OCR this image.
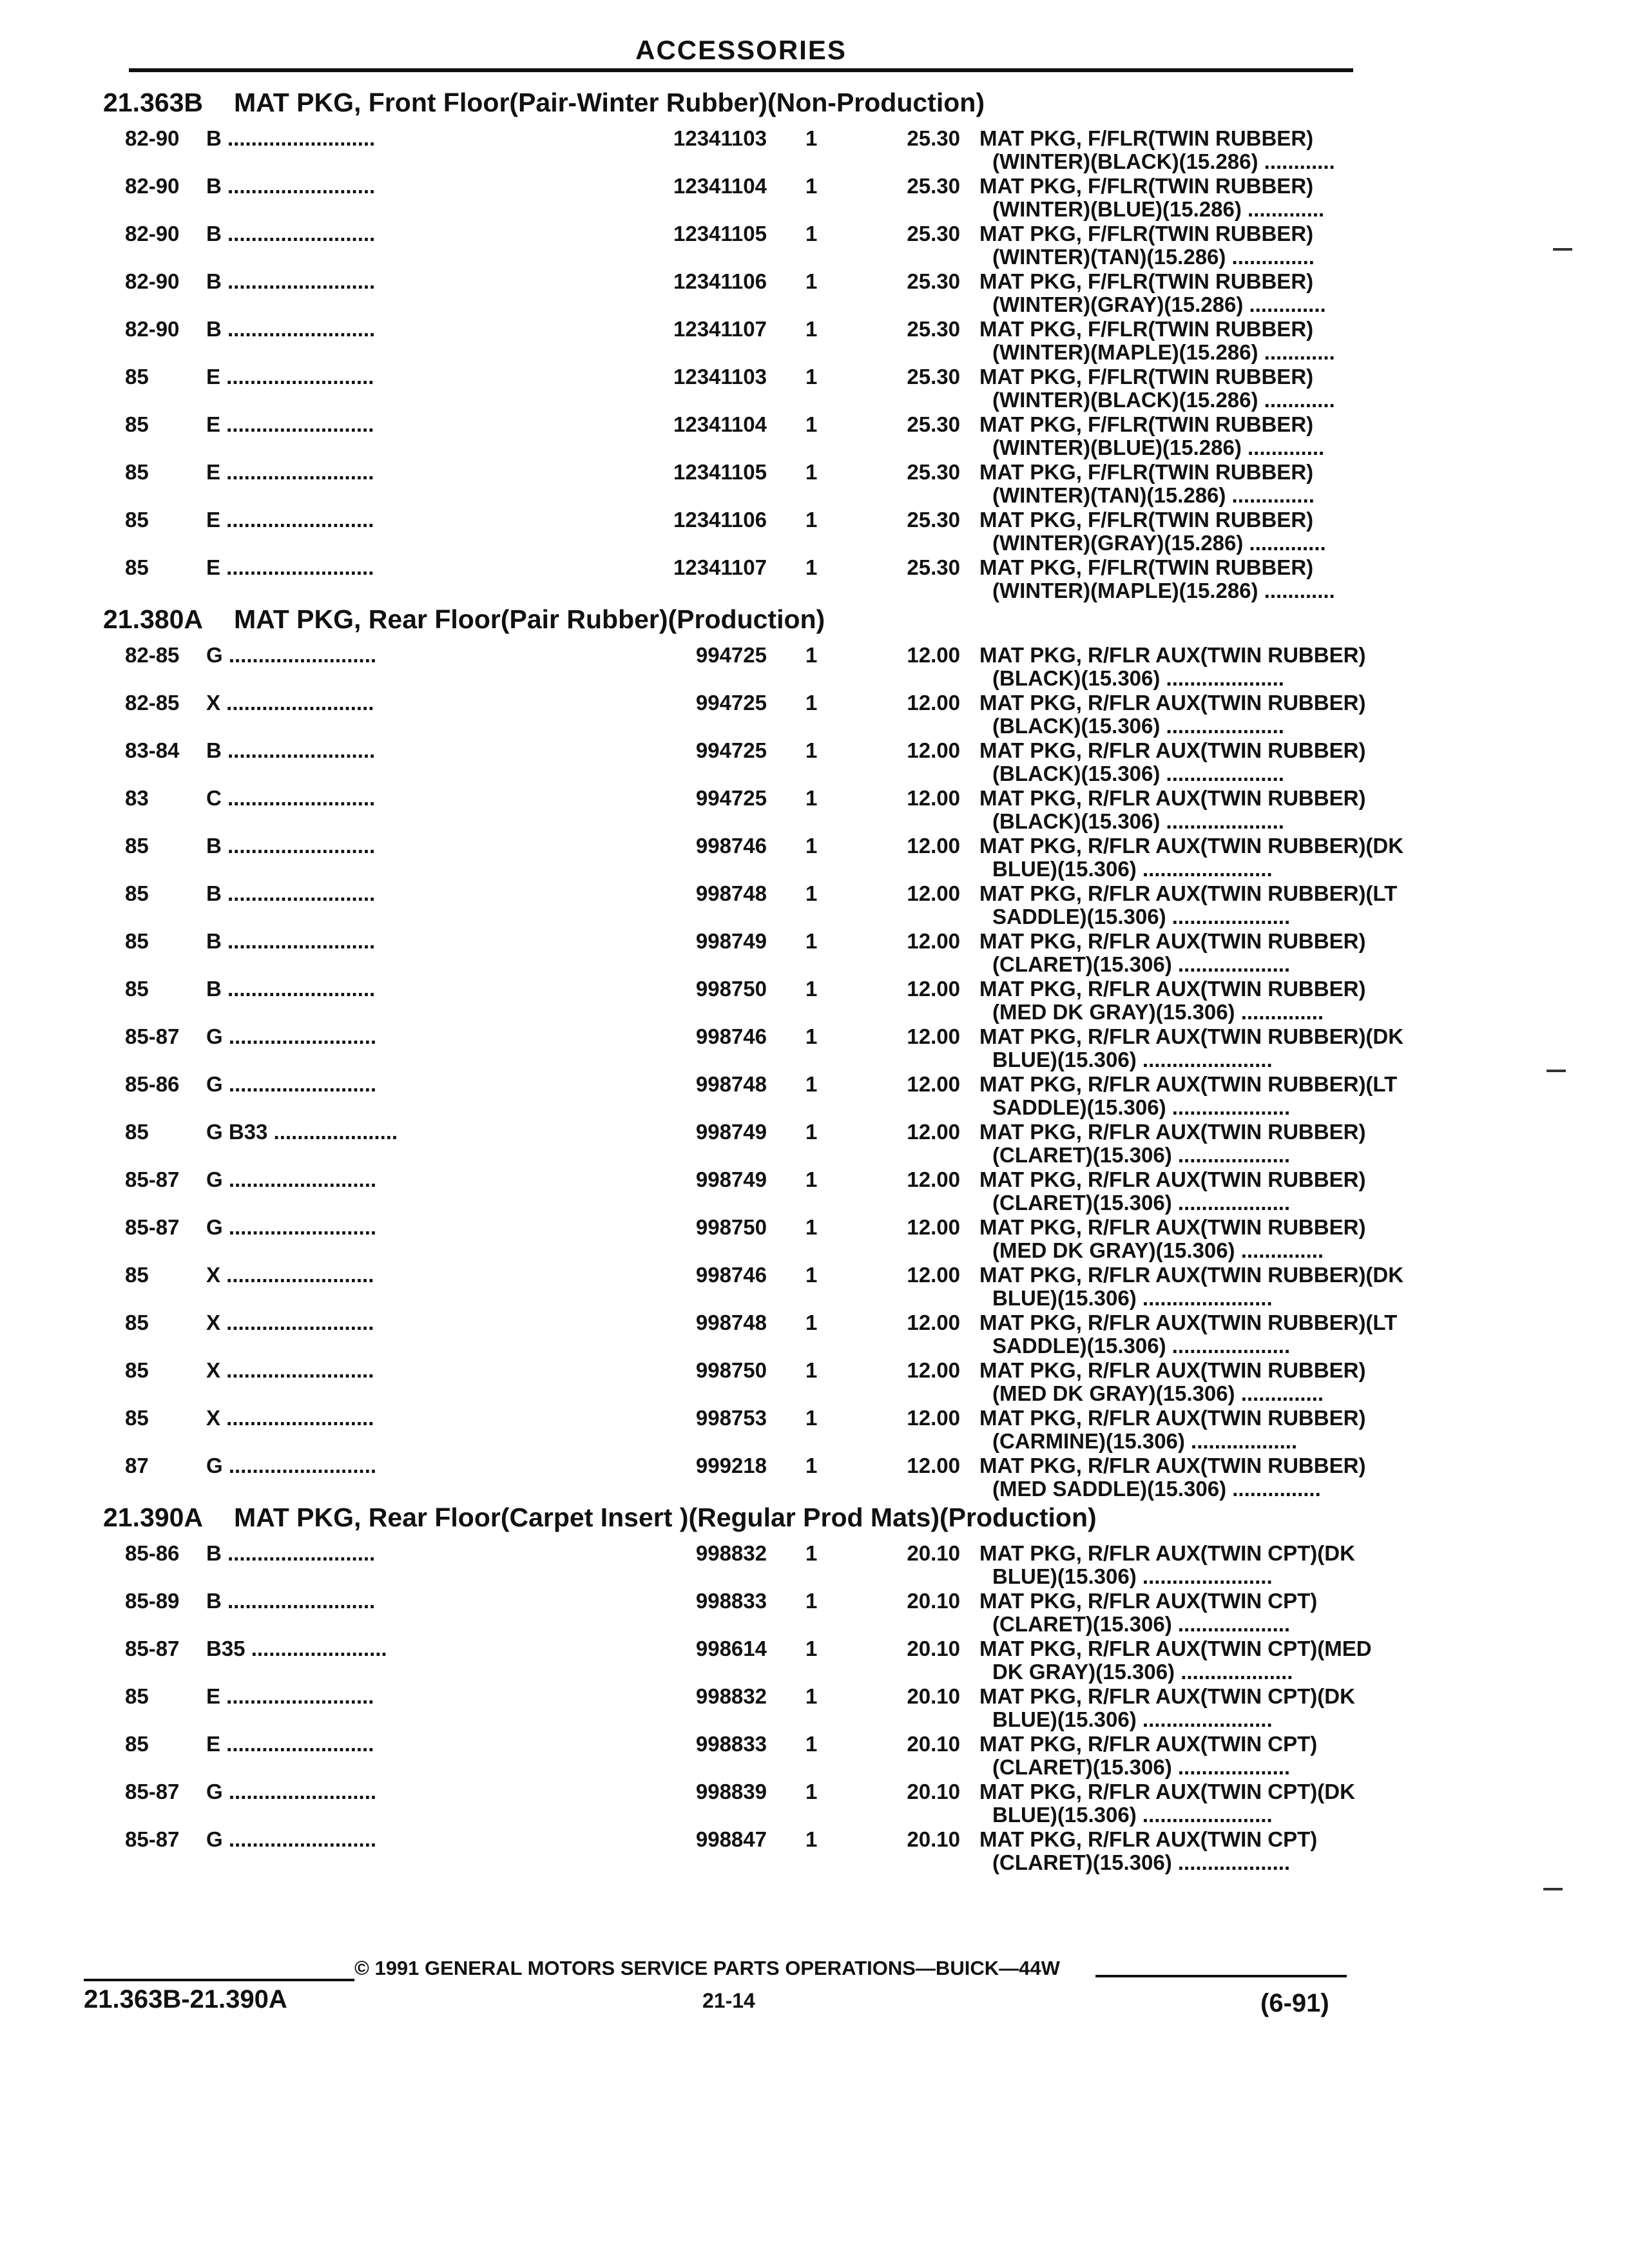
ACCESSORIES
21.363B MAT PKG, Front Floor(Pair-Winter Rubber)(Non-Production)
82-90 B .........................	12341103 1	25.30 MAT PKG, F/FLR(TWIN RUBBER)
(WINTER)(BLACK)(15.286) ............
82-90 B .........................	12341104 1	25.30 MAT PKG, F/FLR(TWIN RUBBER)
(WINTER)(BLUE)(15.286) .............
82-90 B .........................	12341105 1	25.30 MAT PKG, F/FLR(TWIN RUBBER)
(WINTER)(TAN)(15.286) ..............
82-90 B .........................	12341106 1	25.30 MAT PKG, F/FLR(TWIN RUBBER)
(WINTER)(GRAY)(15.286) .............
82-90 B .........................	12341107 1	25.30 MAT PKG, F/FLR(TWIN RUBBER)
(WINTER)(MAPLE)(15.286) ............
85	E .........................	12341103 1	25.30 MAT PKG, F/FLR(TWIN RUBBER)
(WINTER)(BLACK)(15.286) ............
85	E .........................	12341104 1	25.30 MAT PKG, F/FLR(TWIN RUBBER)
(WINTER)(BLUE)(15.286) .............
85	E .........................	12341105 1	25.30 MAT PKG, F/FLR(TWIN RUBBER)
(WINTER)(TAN)(15.286) ..............
85	E .........................	12341106 1	25.30 MAT PKG, F/FLR(TWIN RUBBER)
(WINTER)(GRAY)(15.286) .............
85	E .........................	12341107 1	25.30 MAT PKG, F/FLR(TWIN RUBBER)
(WINTER)(MAPLE)(15.286) ............
21.380A MAT PKG, Rear Floor(Pair Rubber)(Production)
82-85 G .........................	994725 1	12.00 MAT PKG, R/FLR AUX(TWIN RUBBER)
(BLACK)(15.306) ....................
82-85 X .........................	994725 1	12.00 MAT PKG, R/FLR AUX(TWIN RUBBER)
(BLACK)(15.306) ....................
83-84 B .........................	994725 1	12.00 MAT PKG, R/FLR AUX(TWIN RUBBER)
(BLACK)(15.306) ....................
83	C .........................	994725 1	12.00 MAT PKG, R/FLR AUX(TWIN RUBBER)
(BLACK)(15.306) ....................
85	B .........................	998746 1	12.00 MAT PKG, R/FLR AUX(TWIN RUBBER)(DK
BLUE)(15.306) ......................
85	B .........................	998748 1	12.00 MAT PKG, R/FLR AUX(TWIN RUBBER)(LT
SADDLE)(15.306) ....................
85	B .........................	998749 1	12.00 MAT PKG, R/FLR AUX(TWIN RUBBER)
(CLARET)(15.306) ...................
85	B .........................	998750 1	12.00 MAT PKG, R/FLR AUX(TWIN RUBBER)
(MED DK GRAY)(15.306) ..............
85-87 G .........................	998746 1	12.00 MAT PKG, R/FLR AUX(TWIN RUBBER)(DK
BLUE)(15.306) ......................
85-86 G .........................	998748 1	12.00 MAT PKG, R/FLR AUX(TWIN RUBBER)(LT
SADDLE)(15.306) ....................
85	G B33 .....................	998749 1	12.00 MAT PKG, R/FLR AUX(TWIN RUBBER)
(CLARET)(15.306) ...................
85-87 G .........................	998749 1	12.00 MAT PKG, R/FLR AUX(TWIN RUBBER)
(CLARET)(15.306) ...................
85-87 G .........................	998750 1	12.00 MAT PKG, R/FLR AUX(TWIN RUBBER)
(MED DK GRAY)(15.306) ..............
85	X .........................	998746 1	12.00 MAT PKG, R/FLR AUX(TWIN RUBBER)(DK
BLUE)(15.306) ......................
85	X .........................	998748 1	12.00 MAT PKG, R/FLR AUX(TWIN RUBBER)(LT
SADDLE)(15.306) ....................
85	X .........................	998750 1	12.00 MAT PKG, R/FLR AUX(TWIN RUBBER)
(MED DK GRAY)(15.306) ..............
85	X .........................	998753 1	12.00 MAT PKG, R/FLR AUX(TWIN RUBBER)
(CARMINE)(15.306) ..................
87	G .........................	999218 1	12.00 MAT PKG, R/FLR AUX(TWIN RUBBER)
(MED SADDLE)(15.306) ...............
21.390A MAT PKG, Rear Floor(Carpet Insert )(Regular Prod Mats)(Production)
85-86 B .........................	998832 1	20.10 MAT PKG, R/FLR AUX(TWIN CPT)(DK
BLUE)(15.306) ......................
85-89 B .........................	998833 1	20.10 MAT PKG, R/FLR AUX(TWIN CPT)
(CLARET)(15.306) ...................
85-87 B35 .......................	998614 1	20.10 MAT PKG, R/FLR AUX(TWIN CPT)(MED
DK GRAY)(15.306) ...................
85	E .........................	998832 1	20.10 MAT PKG, R/FLR AUX(TWIN CPT)(DK
BLUE)(15.306) ......................
85	E .........................	998833 1	20.10 MAT PKG, R/FLR AUX(TWIN CPT)
(CLARET)(15.306) ...................
85-87 G .........................	998839 1	20.10 MAT PKG, R/FLR AUX(TWIN CPT)(DK
BLUE)(15.306) ......................
85-87 G .........................	998847 1	20.10 MAT PKG, R/FLR AUX(TWIN CPT)
(CLARET)(15.306) ...................
21.363B-21.390A
© 1991 GENERAL MOTORS SERVICE PARTS OPERATIONS—BUICK—44W
21-14	(6-91)
